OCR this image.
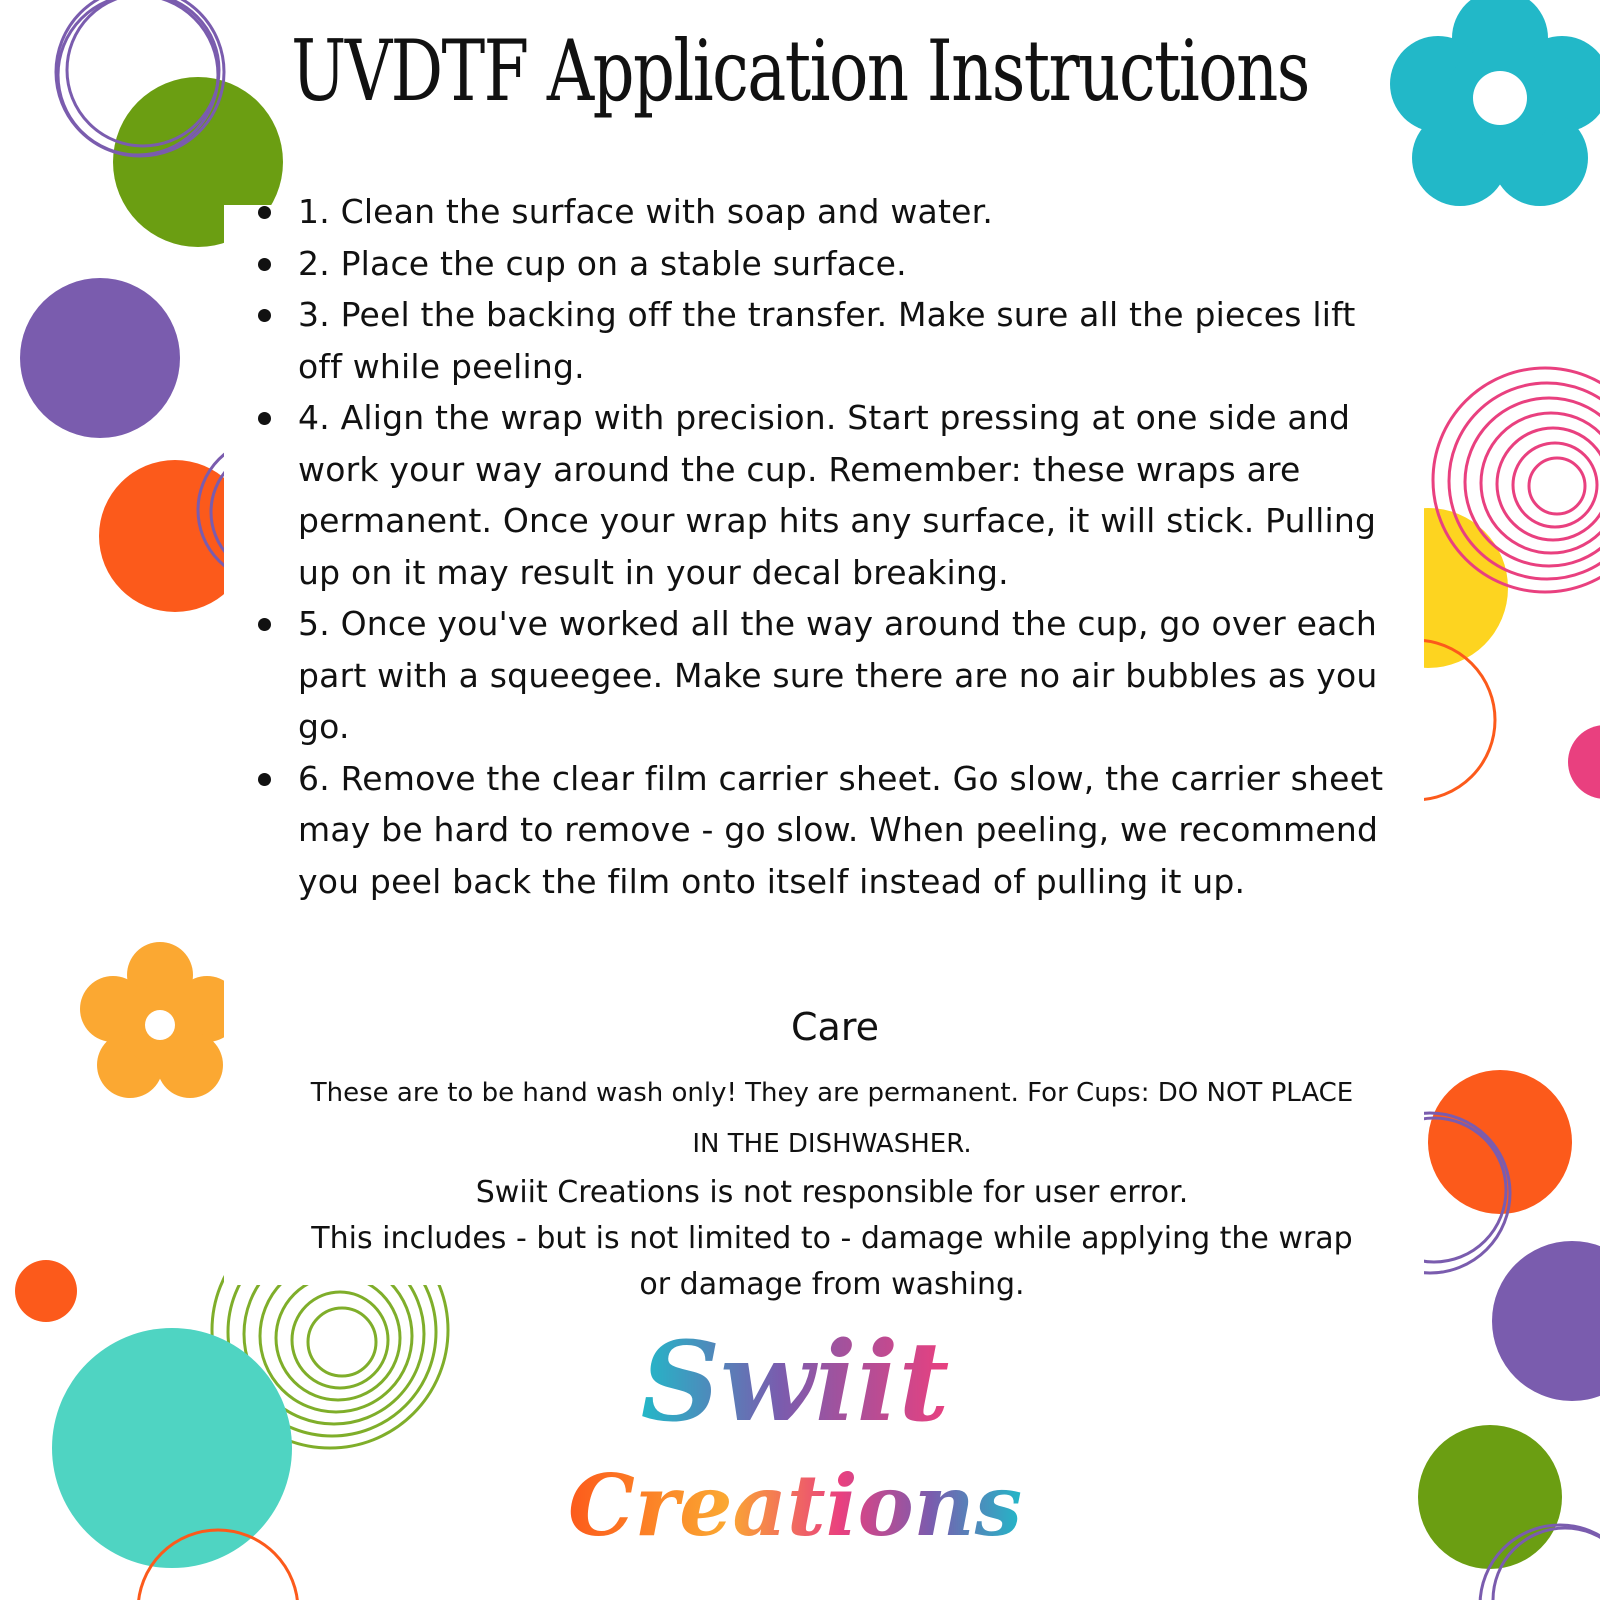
UVDTF Application Instructions
1. Clean the surface with soap and water.
2. Place the cup on a stable surface.
3. Peel the backing off the transfer. Make sure all the pieces lift off while peeling.
4. Align the wrap with precision. Start pressing at one side and work your way around the cup. Remember: these wraps are permanent. Once your wrap hits any surface, it will stick. Pulling up on it may result in your decal breaking.
5. Once you've worked all the way around the cup, go over each part with a squeegee. Make sure there are no air bubbles as you go.
6. Remove the clear film carrier sheet. Go slow, the carrier sheet may be hard to remove - go slow. When peeling, we recommend you peel back the film onto itself instead of pulling it up.
Care

These are to be hand wash only! They are permanent. For Cups: DO NOT PLACE IN THE DISHWASHER.

Swiit Creations is not responsible for user error.
This includes - but is not limited to - damage while applying the wrap or damage from washing.
Swiit
Creations
